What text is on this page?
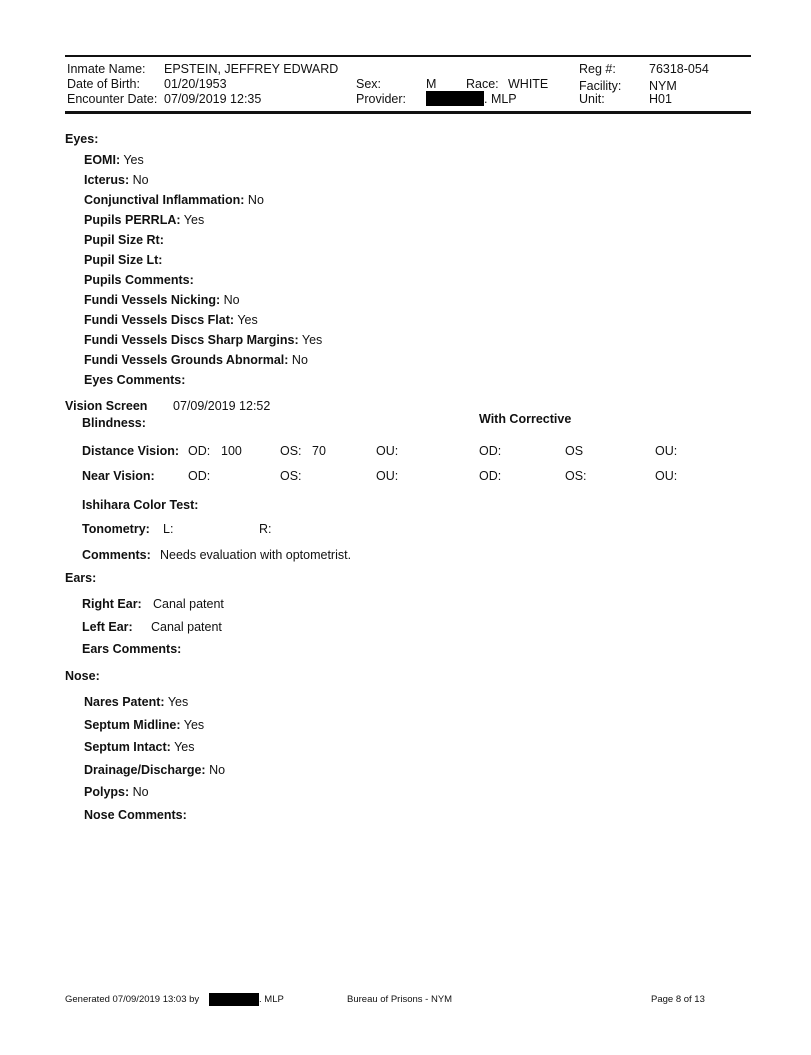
Inmate Name: EPSTEIN, JEFFREY EDWARD	Reg #:	76318-054
Date of Birth: 01/20/1953	Sex:	M Race: WHITE Facility: NYM
Encounter Date: 07/09/2019 12:35	Provider:	. MLP	Unit:	H01
Eyes:
EOMI: Yes
Icterus: No
Conjunctival Inflammation: No
Pupils PERRLA: Yes
Pupil Size Rt:
Pupil Size Lt:
Pupils Comments:
Fundi Vessels Nicking: No
Fundi Vessels Discs Flat: Yes
Fundi Vessels Discs Sharp Margins: Yes
Fundi Vessels Grounds Abnormal: No
Eyes Comments:
Vision Screen 07/09/2019 12:52
Blindness:	With Corrective
Distance Vision: OD: 100	OS: 70	OU:	OD:	OS	OU:
Near Vision:	OD:	OS:	OU:	OD:	OS:	OU:
Ishihara Color Test:
Tonometry: L:	R:
Comments: Needs evaluation with optometrist.
Ears:
Right Ear: Canal patent
Left Ear: Canal patent
Ears Comments:
Nose:
Nares Patent: Yes
Septum Midline: Yes
Septum Intact: Yes
Drainage/Discharge: No
Polyps: No
Nose Comments:
Generated 07/09/2019 13:03 by	. MLP	Bureau of Prisons - NYM	Page 8 of 13
